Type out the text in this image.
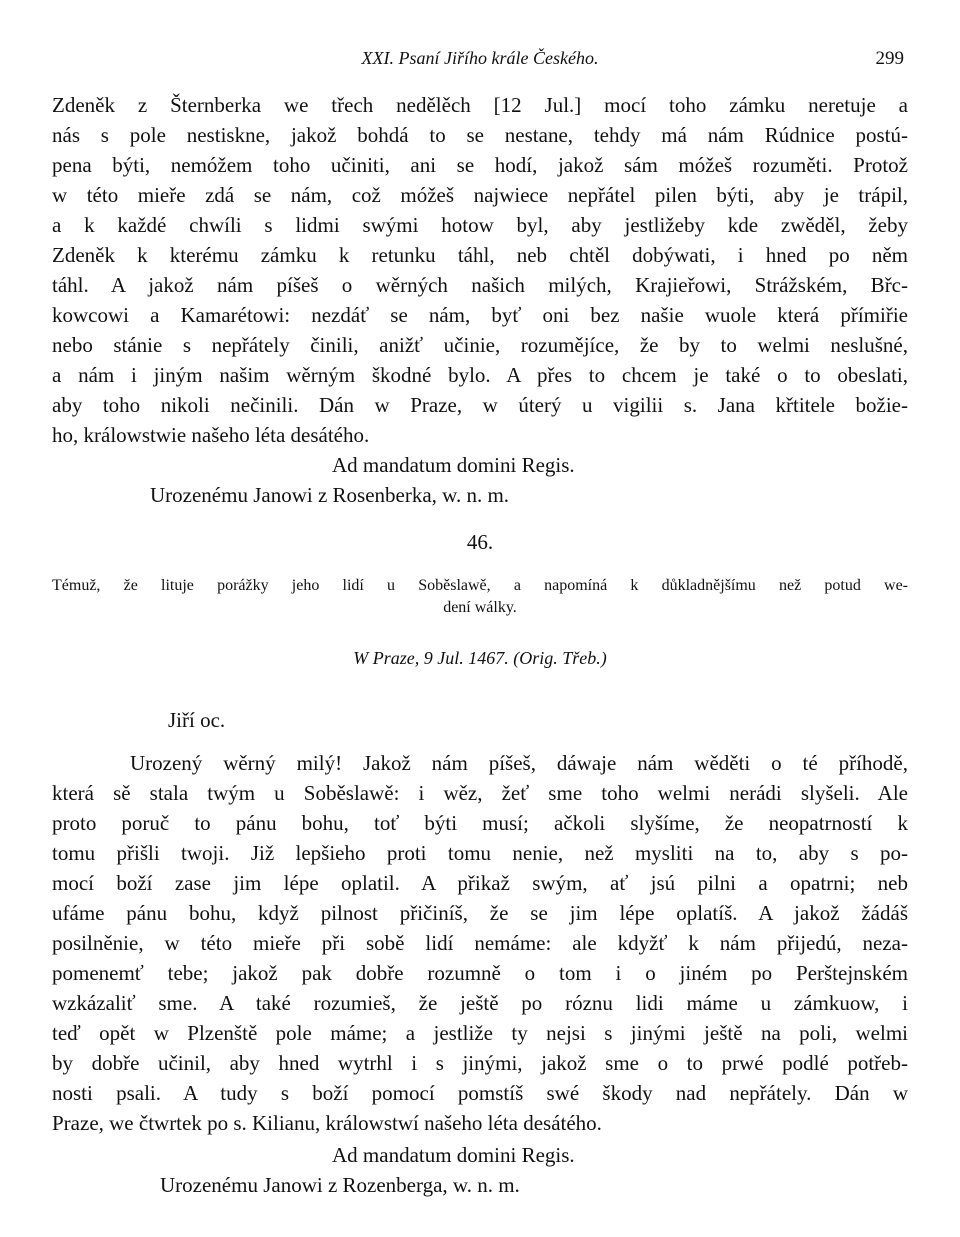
XXI. Psaní Jiřího krále Českého.	299
Zdeněk z Šternberka we třech nedělěch [12 Jul.] mocí toho zámku neretuje a
nás s pole nestiskne, jakož bohdá to se nestane, tehdy má nám Rúdnice postú-
pena býti, nemóžem toho učiniti, ani se hodí, jakož sám móžeš rozuměti. Protož
w této mieře zdá se nám, což móžeš najwiece nepřátel pilen býti, aby je trápil,
a k každé chwíli s lidmi swými hotow byl, aby jestližeby kde zwěděl, žeby
Zdeněk k kterému zámku k retunku táhl, neb chtěl dobýwati, i hned po něm
táhl. A jakož nám píšeš o wěrných našich milých, Krajieřowi, Strážském, Břc-
kowcowi a Kamarétowi: nezdáť se nám, byť oni bez našie wuole která přímiřie
nebo stánie s nepřátely činili, anižť učinie, rozumějíce, že by to welmi neslušné,
a nám i jiným našim wěrným škodné bylo. A přes to chcem je také o to obeslati,
aby toho nikoli nečinili. Dán w Praze, w úterý u vigilii s. Jana křtitele božie-
ho, králowstwie našeho léta desátého.
Ad mandatum domini Regis.
Urozenému Janowi z Rosenberka, w. n. m.
46.
Témuž, že lituje porážky jeho lidí u Soběslawě, a napomíná k důkladnějšímu než potud we-
dení wálky.
W Praze, 9 Jul. 1467. (Orig. Třeb.)
Jiří oc.
Urozený wěrný milý! Jakož nám píšeš, dáwaje nám wěděti o té příhodě,
která sě stala twým u Soběslawě: i wěz, žeť sme toho welmi nerádi slyšeli. Ale
proto poruč to pánu bohu, toť býti musí; ačkoli slyšíme, že neopatrností k
tomu přišli twoji. Již lepšieho proti tomu nenie, než mysliti na to, aby s po-
mocí boží zase jim lépe oplatil. A přikaž swým, ať jsú pilni a opatrni; neb
ufáme pánu bohu, když pilnost přičiníš, že se jim lépe oplatíš. A jakož žádáš
posilněnie, w této mieře při sobě lidí nemáme: ale kdyžť k nám přijedú, neza-
pomenemť tebe; jakož pak dobře rozumně o tom i o jiném po Perštejnském
wzkázaliť sme. A také rozumieš, že ještě po róznu lidi máme u zámkuow, i
teď opět w Plzenště pole máme; a jestliže ty nejsi s jinými ještě na poli, welmi
by dobře učinil, aby hned wytrhl i s jinými, jakož sme o to prwé podlé potřeb-
nosti psali. A tudy s boží pomocí pomstíš swé škody nad nepřátely. Dán w
Praze, we čtwrtek po s. Kilianu, králowstwí našeho léta desátého.
Ad mandatum domini Regis.
Urozenému Janowi z Rozenberga, w. n. m.
